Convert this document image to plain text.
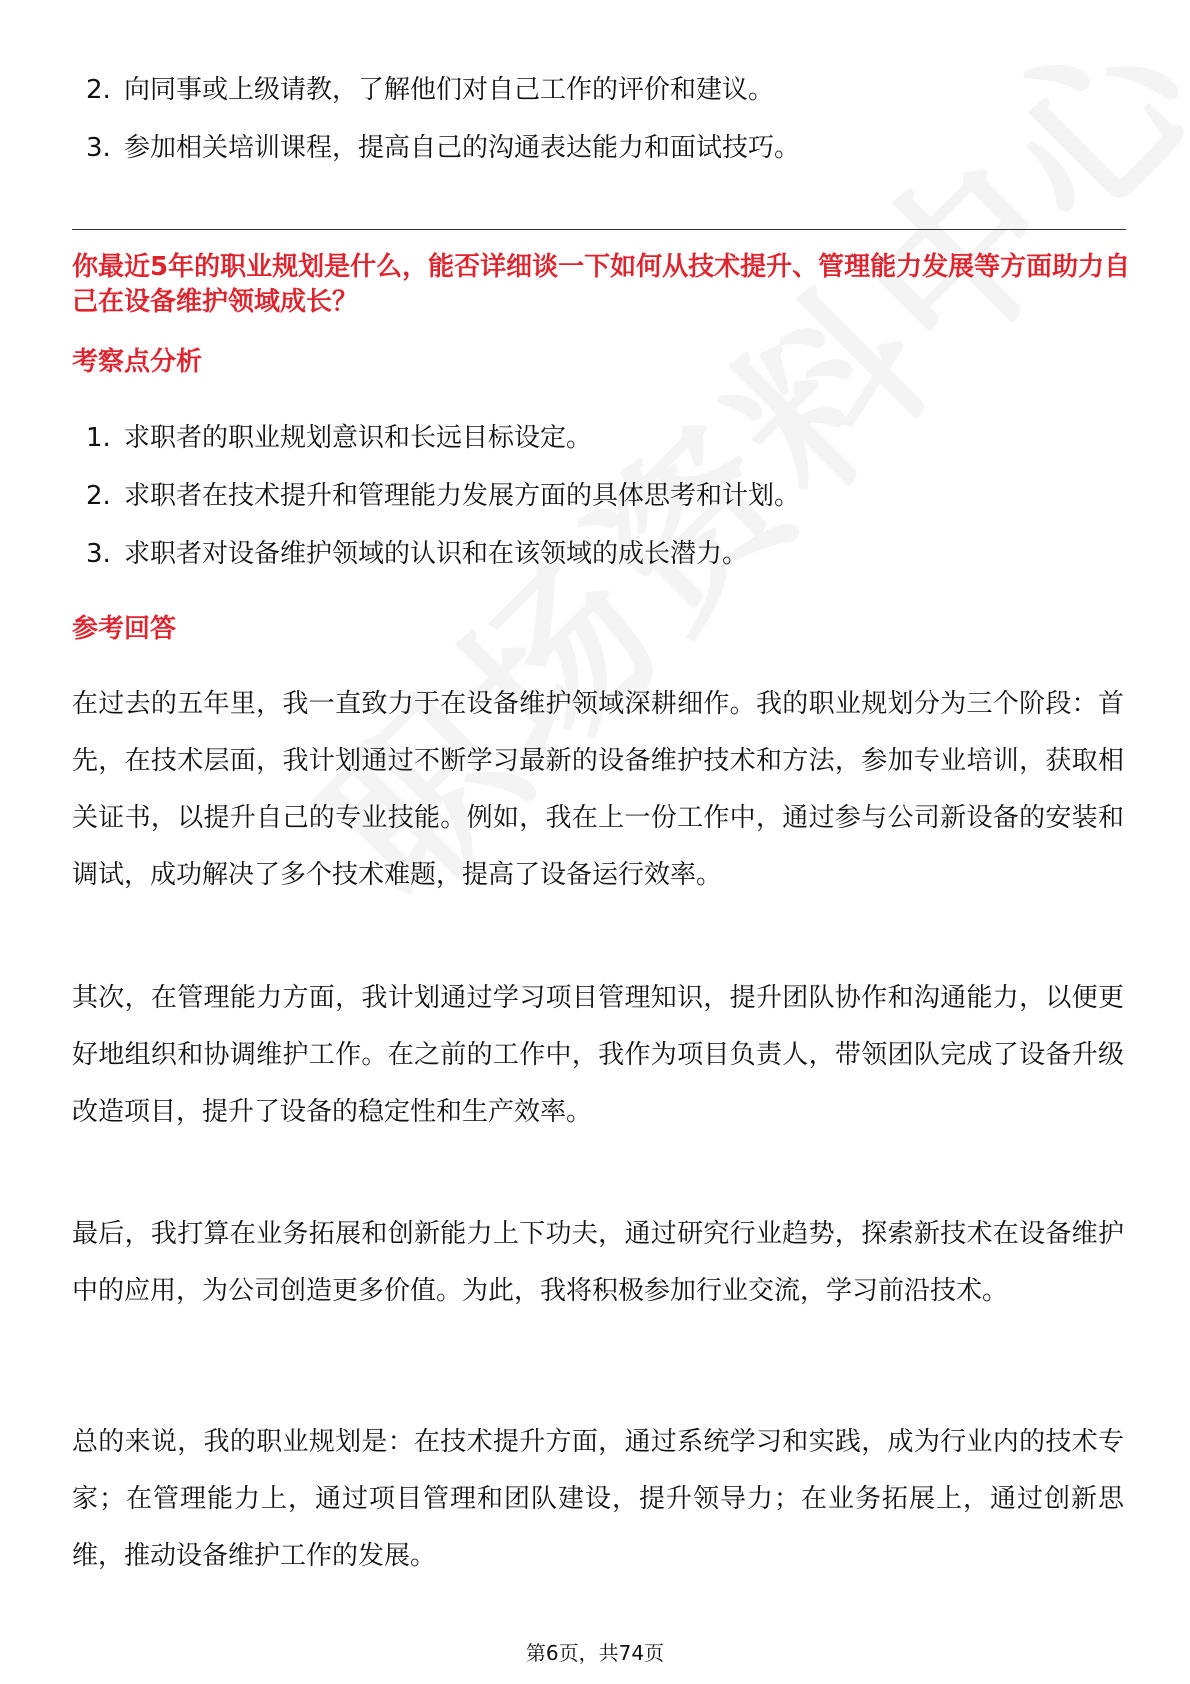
2. 向同事或上级请教，了解他们对自己工作的评价和建议。
3. 参加相关培训课程，提高自己的沟通表达能力和面试技巧。
你最近5年的职业规划是什么，能否详细谈一下如何从技术提升、管理能力发展等方面助力自己在设备维护领域成长？
考察点分析
1. 求职者的职业规划意识和长远目标设定。
2. 求职者在技术提升和管理能力发展方面的具体思考和计划。
3. 求职者对设备维护领域的认识和在该领域的成长潜力。
参考回答

在过去的五年里，我一直致力于在设备维护领域深耕细作。我的职业规划分为三个阶段：首先，在技术层面，我计划通过不断学习最新的设备维护技术和方法，参加专业培训，获取相关证书，以提升自己的专业技能。例如，我在上一份工作中，通过参与公司新设备的安装和调试，成功解决了多个技术难题，提高了设备运行效率。

其次，在管理能力方面，我计划通过学习项目管理知识，提升团队协作和沟通能力，以便更好地组织和协调维护工作。在之前的工作中，我作为项目负责人，带领团队完成了设备升级改造项目，提升了设备的稳定性和生产效率。

最后，我打算在业务拓展和创新能力上下功夫，通过研究行业趋势，探索新技术在设备维护中的应用，为公司创造更多价值。为此，我将积极参加行业交流，学习前沿技术。

总的来说，我的职业规划是：在技术提升方面，通过系统学习和实践，成为行业内的技术专家；在管理能力上，通过项目管理和团队建设，提升领导力；在业务拓展上，通过创新思维，推动设备维护工作的发展。

第6页，共74页
